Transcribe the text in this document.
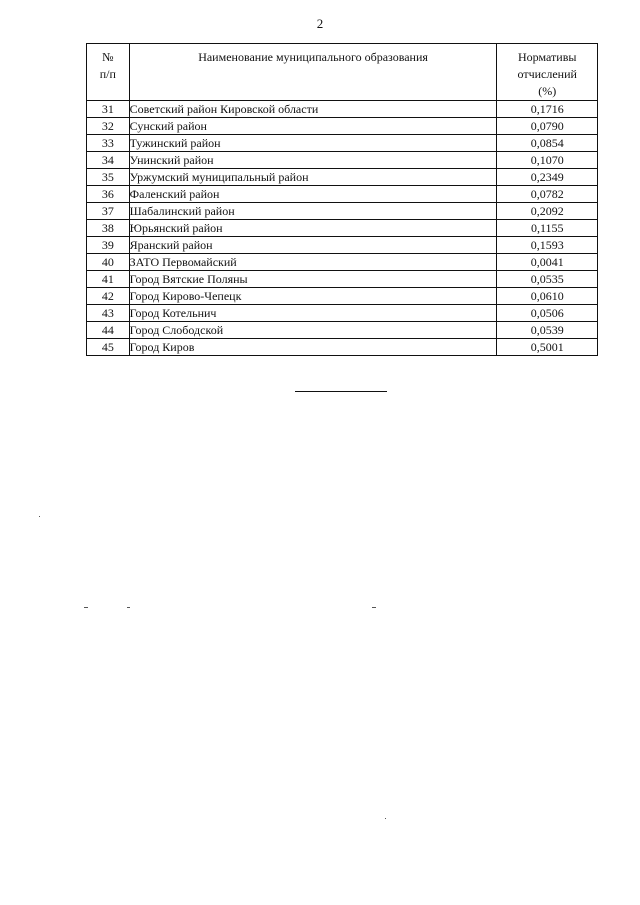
2
№
п/п	Наименование муниципального образования	Нормативы
отчислений
(%)

31	Советский район Кировской области	0,1716
32	Сунский район	0,0790
33	Тужинский район	0,0854
34	Унинский район	0,1070
35	Уржумский муниципальный район	0,2349
36	Фаленский район	0,0782
37	Шабалинский район	0,2092
38	Юрьянский район	0,1155
39	Яранский район	0,1593
40	ЗАТО Первомайский	0,0041
41	Город Вятские Поляны	0,0535
42	Город Кирово-Чепецк	0,0610
43	Город Котельнич	0,0506
44	Город Слободской	0,0539
45	Город Киров	0,5001
